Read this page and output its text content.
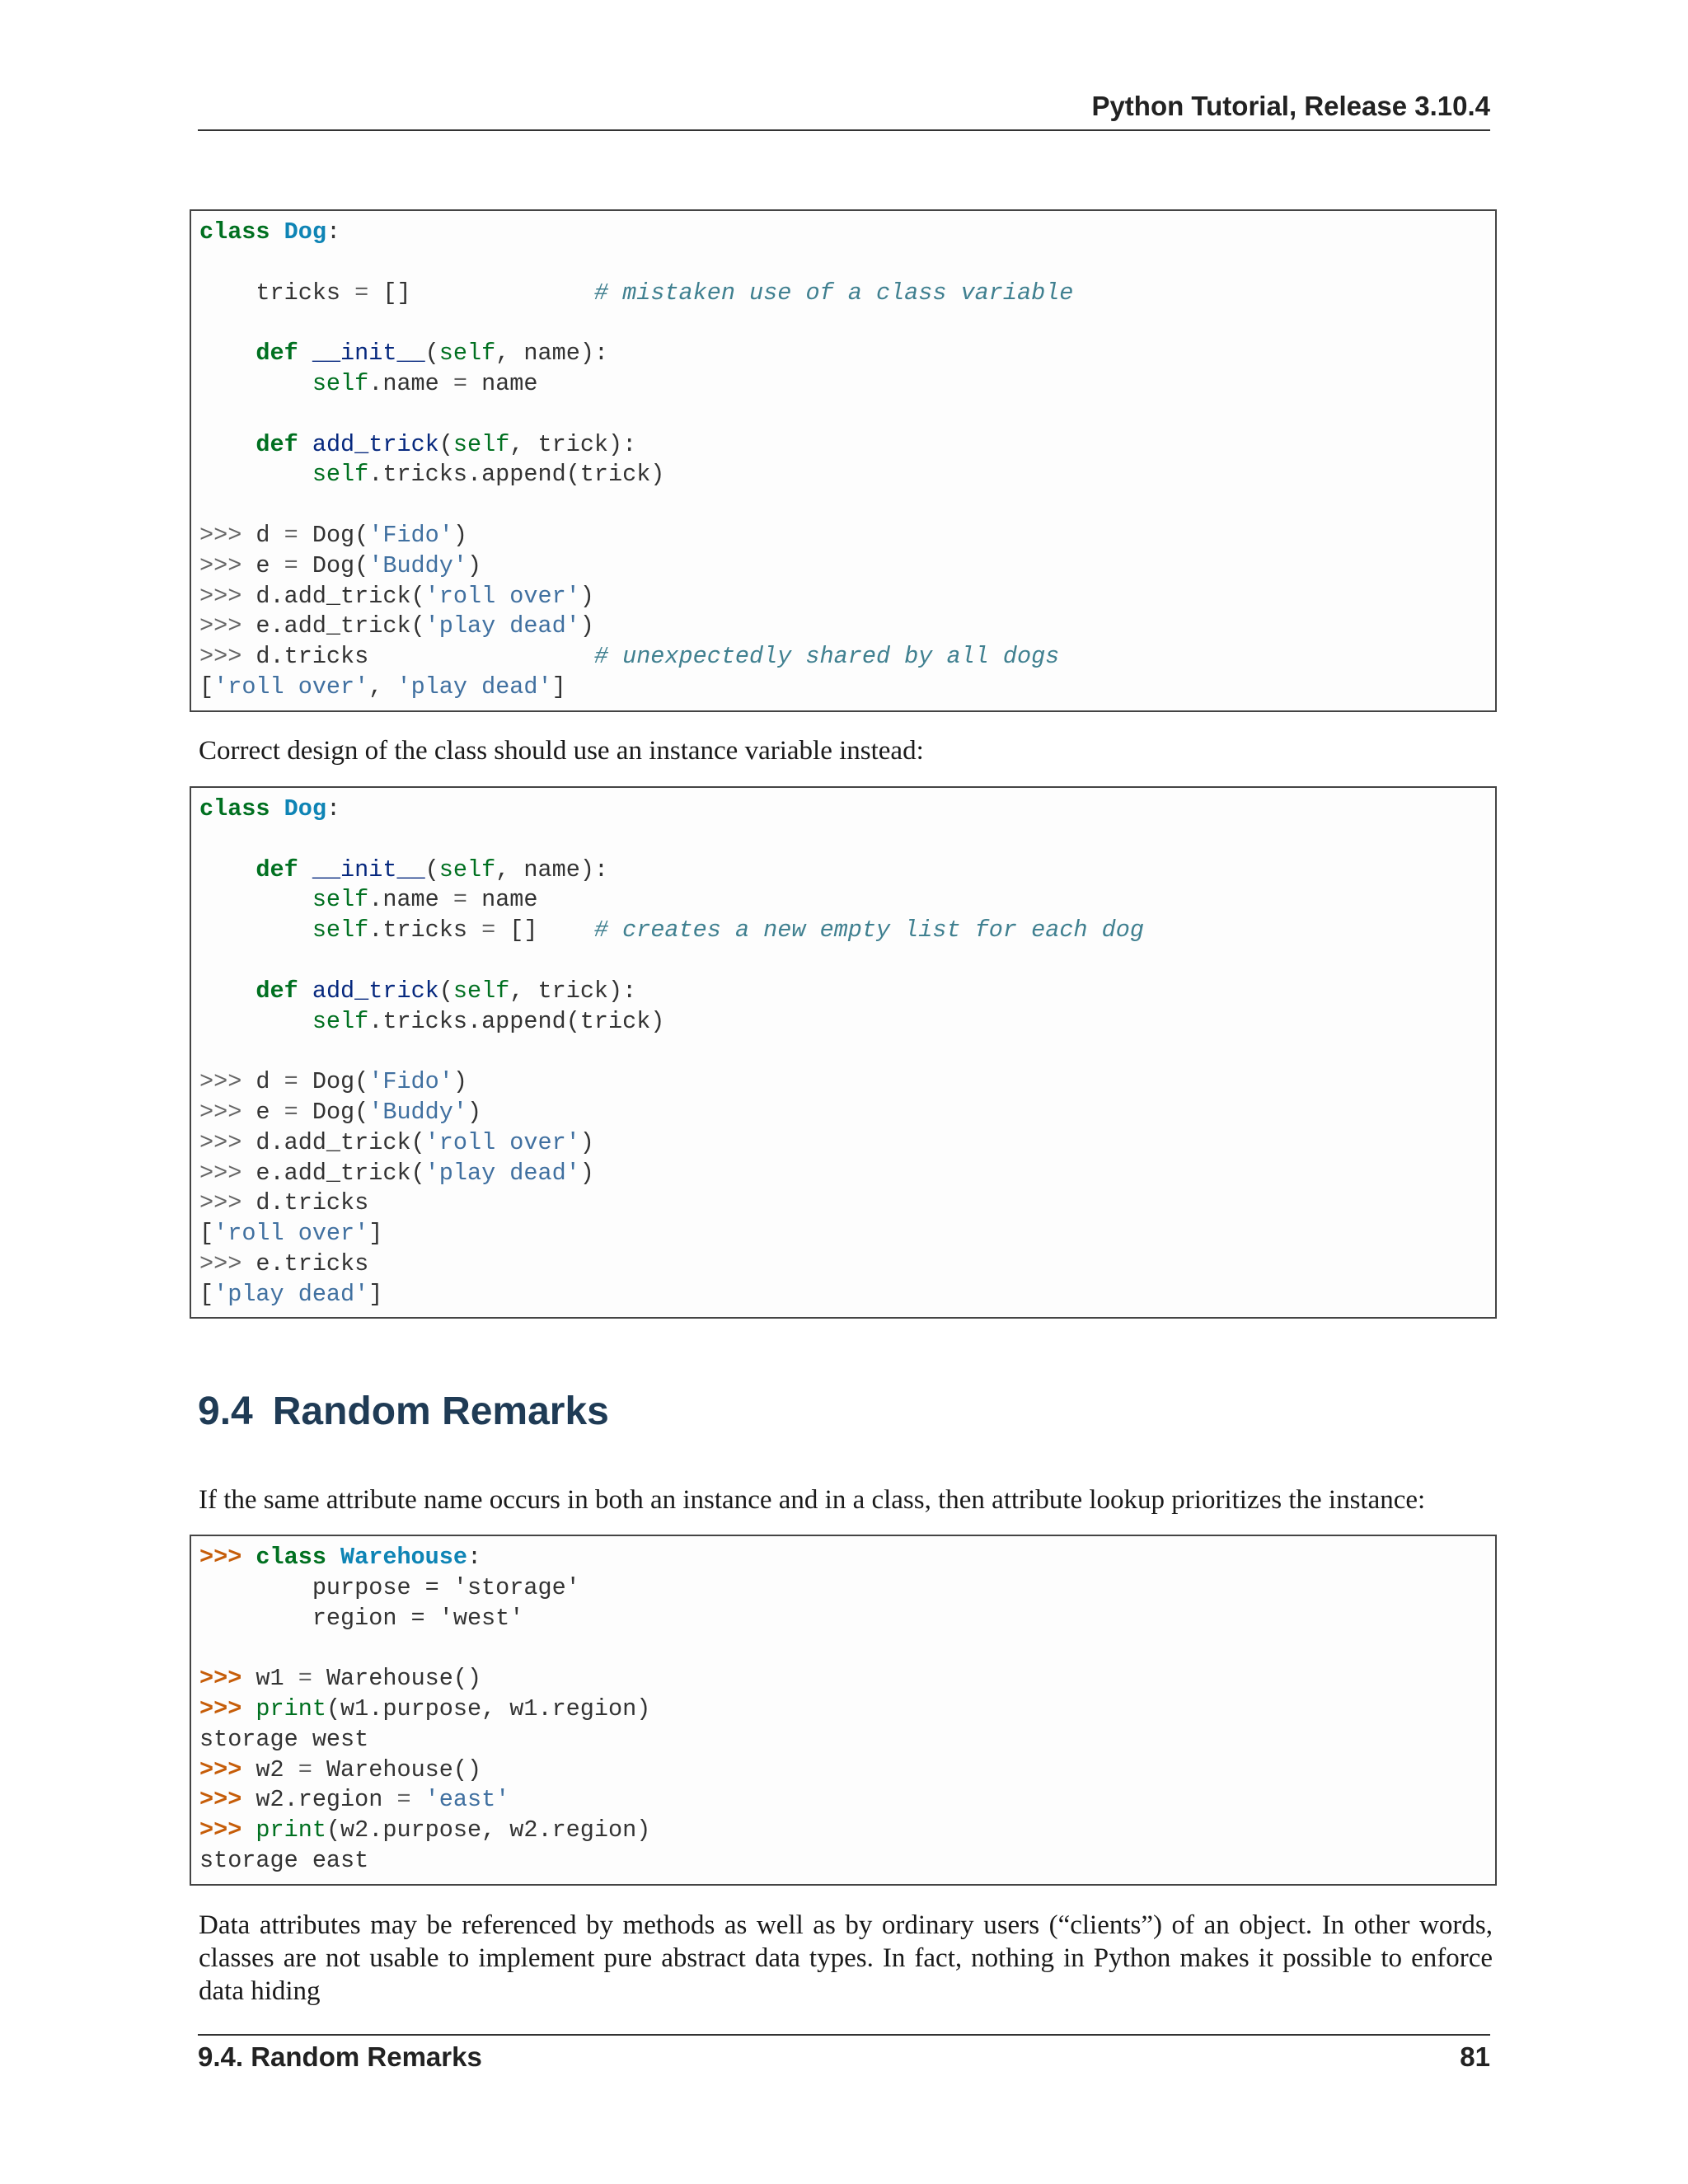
Python Tutorial, Release 3.10.4
class Dog:
tricks = []             # mistaken use of a class variable
def __init__(self, name):
self.name = name
def add_trick(self, trick):
self.tricks.append(trick)
>>> d = Dog('Fido')
>>> e = Dog('Buddy')
>>> d.add_trick('roll over')
>>> e.add_trick('play dead')
>>> d.tricks                # unexpectedly shared by all dogs
['roll over', 'play dead']
Correct design of the class should use an instance variable instead:
class Dog:
def __init__(self, name):
self.name = name
self.tricks = []    # creates a new empty list for each dog
def add_trick(self, trick):
self.tricks.append(trick)
>>> d = Dog('Fido')
>>> e = Dog('Buddy')
>>> d.add_trick('roll over')
>>> e.add_trick('play dead')
>>> d.tricks
['roll over']
>>> e.tricks
['play dead']
9.4 Random Remarks
If the same attribute name occurs in both an instance and in a class, then attribute lookup prioritizes the instance:
>>> class Warehouse:
purpose = 'storage'
region = 'west'
>>> w1 = Warehouse()
>>> print(w1.purpose, w1.region)
storage west
>>> w2 = Warehouse()
>>> w2.region = 'east'
>>> print(w2.purpose, w2.region)
storage east
Data attributes may be referenced by methods as well as by ordinary users (“clients”) of an object. In other words, classes are not usable to implement pure abstract data types. In fact, nothing in Python makes it possible to enforce data hiding
9.4. Random Remarks	81
